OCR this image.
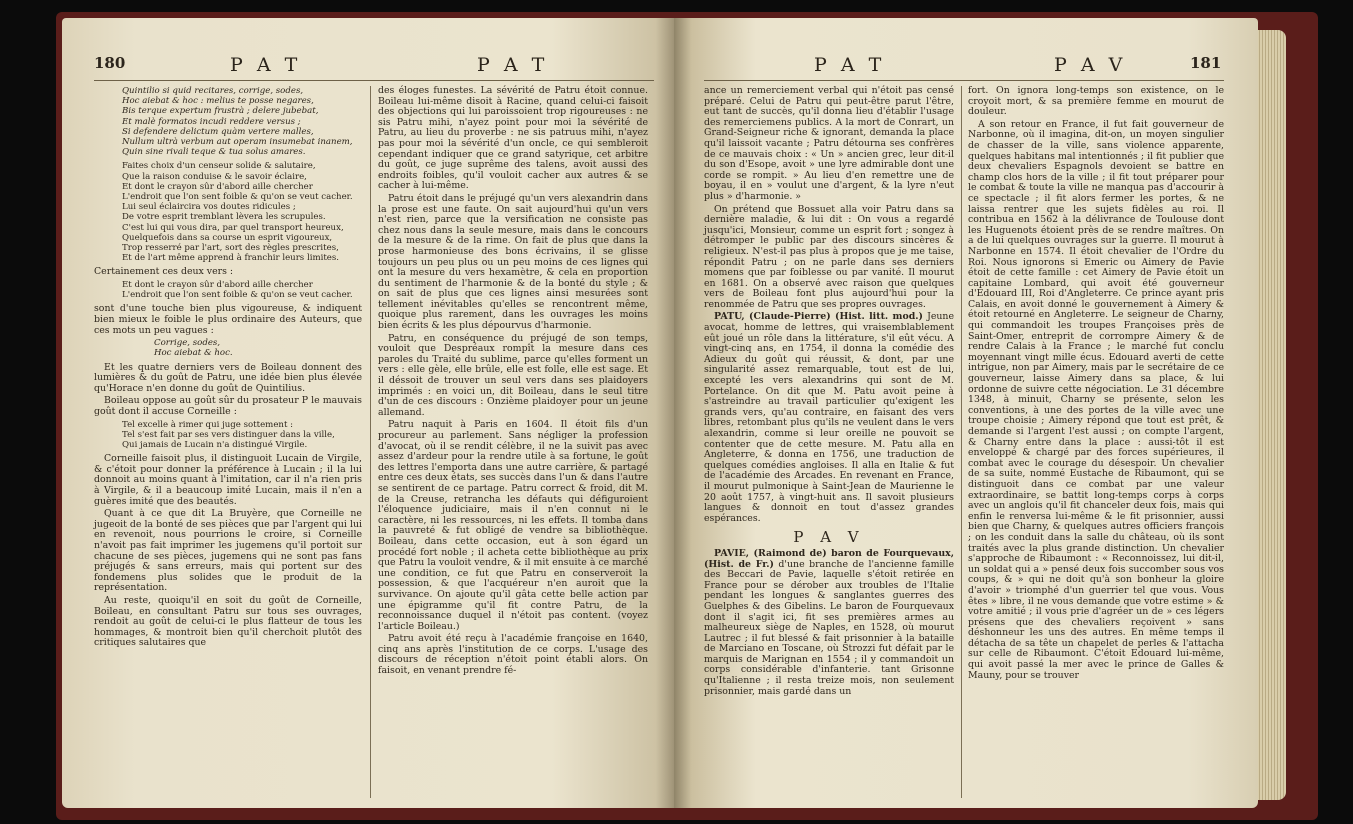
180	P A T	P A T
Quintilio si quid recitares, corrige, sodes,
Hoc aiebat & hoc : melius te posse negares,
Bis terque expertum frustrà ; delere jubebat,
Et malè formatos incudi reddere versus ;
Si defendere delictum quàm vertere malles,
Nullum ultrà verbum aut operam insumebat inanem,
Quin sine rivali teque & tua solus amares.
Faites choix d'un censeur solide & salutaire,
Que la raison conduise & le savoir éclaire,
Et dont le crayon sûr d'abord aille chercher
L'endroit que l'on sent foible & qu'on se veut cacher.
Lui seul éclaircira vos doutes ridicules ;
De votre esprit tremblant lèvera les scrupules.
C'est lui qui vous dira, par quel transport heureux,
Quelquefois dans sa course un esprit vigoureux,
Trop resserré par l'art, sort des règles prescrites,
Et de l'art même apprend à franchir leurs limites.

Certainement ces deux vers :

Et dont le crayon sûr d'abord aille chercher
L'endroit que l'on sent foible & qu'on se veut cacher.

sont d'une touche bien plus vigoureuse, & indiquent bien mieux le foible le plus ordinaire des Auteurs, que ces mots un peu vagues :

Corrige, sodes,
Hoc aiebat & hoc.

Et les quatre derniers vers de Boileau donnent des lumières & du goût de Patru, une idée bien plus élevée qu'Horace n'en donne du goût de Quintilius.

Boileau oppose au goût sûr du prosateur P le mauvais goût dont il accuse Corneille :

Tel excelle à rimer qui juge sottement :
Tel s'est fait par ses vers distinguer dans la ville,
Qui jamais de Lucain n'a distingué Virgile.

Corneille faisoit plus, il distinguoit Lucain de Virgile, & c'étoit pour donner la préférence à Lucain ; il la lui donnoit au moins quant à l'imitation, car il n'a rien pris à Virgile, & il a beaucoup imité Lucain, mais il n'en a guères imité que des beautés.

Quant à ce que dit La Bruyère, que Corneille ne jugeoit de la bonté de ses pièces que par l'argent qui lui en revenoit, nous pourrions le croire, si Corneille n'avoit pas fait imprimer les jugemens qu'il portoit sur chacune de ses pièces, jugemens qui ne sont pas fans préjugés & sans erreurs, mais qui portent sur des fondemens plus solides que le produit de la représentation.

Au reste, quoiqu'il en soit du goût de Corneille, Boileau, en consultant Patru sur tous ses ouvrages, rendoit au goût de celui-ci le plus flatteur de tous les hommages, & montroit bien qu'il cherchoit plutôt des critiques salutaires que

des éloges funestes. La sévérité de Patru étoit connue. Boileau lui-même disoit à Racine, quand celui-ci faisoit des objections qui lui paroissoient trop rigoureuses : ne sis Patru mihi, n'ayez point pour moi la sévérité de Patru, au lieu du proverbe : ne sis patruus mihi, n'ayez pas pour moi la sévérité d'un oncle, ce qui sembleroit cependant indiquer que ce grand satyrique, cet arbitre du goût, ce juge suprême des talens, avoit aussi des endroits foibles, qu'il vouloit cacher aux autres & se cacher à lui-même.

Patru étoit dans le préjugé qu'un vers alexandrin dans la prose est une faute. On sait aujourd'hui qu'un vers n'est rien, parce que la versification ne consiste pas chez nous dans la seule mesure, mais dans le concours de la mesure & de la rime. On fait de plus que dans la prose harmonieuse des bons écrivains, il se glisse toujours un peu plus ou un peu moins de ces lignes qui ont la mesure du vers hexamètre, & cela en proportion du sentiment de l'harmonie & de la bonté du style ; & on sait de plus que ces lignes ainsi mesurées sont tellement inévitables qu'elles se rencontrent même, quoique plus rarement, dans les ouvrages les moins bien écrits & les plus dépourvus d'harmonie.

Patru, en conséquence du préjugé de son temps, vouloit que Despréaux rompît la mesure dans ces paroles du Traité du sublime, parce qu'elles forment un vers : elle gèle, elle brûle, elle est folle, elle est sage. Et il déssoit de trouver un seul vers dans ses plaidoyers imprimés : en voici un, dit Boileau, dans le seul titre d'un de ces discours : Onzième plaidoyer pour un jeune allemand.

Patru naquit à Paris en 1604. Il étoit fils d'un procureur au parlement. Sans négliger la profession d'avocat, où il se rendit célèbre, il ne la suivit pas avec assez d'ardeur pour la rendre utile à sa fortune, le goût des lettres l'emporta dans une autre carrière, & partagé entre ces deux états, ses succès dans l'un & dans l'autre se sentirent de ce partage. Patru correct & froid, dit M. de la Creuse, retrancha les défauts qui défiguroient l'éloquence judiciaire, mais il n'en connut ni le caractère, ni les ressources, ni les effets. Il tomba dans la pauvreté & fut obligé de vendre sa bibliothèque. Boileau, dans cette occasion, eut à son égard un procédé fort noble ; il acheta cette bibliothèque au prix que Patru la vouloit vendre, & il mit ensuite à ce marché une condition, ce fut que Patru en conserveroit la possession, & que l'acquéreur n'en auroit que la survivance. On ajoute qu'il gâta cette belle action par une épigramme qu'il fit contre Patru, de la reconnoissance duquel il n'étoit pas content. (voyez l'article Boileau.)

Patru avoit été reçu à l'académie françoise en 1640, cinq ans après l'institution de ce corps. L'usage des discours de réception n'étoit point établi alors. On faisoit, en venant prendre fé-

P A T	P A V	181

ance un remerciement verbal qui n'étoit pas censé préparé. Celui de Patru qui peut-être parut l'être, eut tant de succès, qu'il donna lieu d'établir l'usage des remerciemens publics. A la mort de Conrart, un Grand-Seigneur riche & ignorant, demanda la place qu'il laissoit vacante ; Patru détourna ses confrères de ce mauvais choix : « Un » ancien grec, leur dit-il du son d'Esope, avoit » une lyre admirable dont une corde se rompit. » Au lieu d'en remettre une de boyau, il en » voulut une d'argent, & la lyre n'eut plus » d'harmonie. »

On prétend que Bossuet alla voir Patru dans sa dernière maladie, & lui dit : On vous a regardé jusqu'ici, Monsieur, comme un esprit fort ; songez à détromper le public par des discours sincères & religieux. N'est-il pas plus à propos que je me taise, répondit Patru ; on ne parle dans ses derniers momens que par foiblesse ou par vanité. Il mourut en 1681. On a observé avec raison que quelques vers de Boileau font plus aujourd'hui pour la renommée de Patru que ses propres ouvrages.

PATU, (Claude-Pierre) (Hist. litt. mod.) Jeune avocat, homme de lettres, qui vraisemblablement eût joué un rôle dans la littérature, s'il eût vécu. A vingt-cinq ans, en 1754, il donna la comédie des Adieux du goût qui réussit, & dont, par une singularité assez remarquable, tout est de lui, excepté les vers alexandrins qui sont de M. Portelance. On dit que M. Patu avoit peine à s'astreindre au travail particulier qu'exigent les grands vers, qu'au contraire, en faisant des vers libres, retombant plus qu'ils ne veulent dans le vers alexandrin, comme si leur oreille ne pouvoit se contenter que de cette mesure. M. Patu alla en Angleterre, & donna en 1756, une traduction de quelques comédies angloises. Il alla en Italie & fut de l'académie des Arcades. En revenant en France, il mourut pulmonique à Saint-Jean de Maurienne le 20 août 1757, à vingt-huit ans. Il savoit plusieurs langues & donnoit en tout d'assez grandes espérances.

P A V

PAVIE, (Raimond de) baron de Fourquevaux, (Hist. de Fr.) d'une branche de l'ancienne famille des Beccari de Pavie, laquelle s'étoit retirée en France pour se dérober aux troubles de l'Italie pendant les longues & sanglantes guerres des Guelphes & des Gibelins. Le baron de Fourquevaux dont il s'agit ici, fit ses premières armes au malheureux siège de Naples, en 1528, où mourut Lautrec ; il fut blessé & fait prisonnier à la bataille de Marciano en Toscane, où Strozzi fut défait par le marquis de Marignan en 1554 ; il y commandoit un corps considérable d'infanterie. tant Grisonne qu'Italienne ; il resta treize mois, non seulement prisonnier, mais gardé dans un

fort. On ignora long-temps son existence, on le croyoit mort, & sa première femme en mourut de douleur.

A son retour en France, il fut fait gouverneur de Narbonne, où il imagina, dit-on, un moyen singulier de chasser de la ville, sans violence apparente, quelques habitans mal intentionnés ; il fit publier que deux chevaliers Espagnols devoient se battre en champ clos hors de la ville ; il fit tout préparer pour le combat & toute la ville ne manqua pas d'accourir à ce spectacle ; il fit alors fermer les portes, & ne laissa rentrer que les sujets fidèles au roi. Il contribua en 1562 à la délivrance de Toulouse dont les Huguenots étoient près de se rendre maîtres. On a de lui quelques ouvrages sur la guerre. Il mourut à Narbonne en 1574. Il étoit chevalier de l'Ordre du Roi. Nous ignorons si Emeric ou Aimery de Pavie étoit de cette famille : cet Aimery de Pavie étoit un capitaine Lombard, qui avoit été gouverneur d'Edouard III, Roi d'Angleterre. Ce prince ayant pris Calais, en avoit donné le gouvernement à Aimery & étoit retourné en Angleterre. Le seigneur de Charny, qui commandoit les troupes Françoises près de Saint-Omer, entreprit de corrompre Aimery & de rendre Calais à la France ; le marché fut conclu moyennant vingt mille écus. Edouard averti de cette intrigue, non par Aimery, mais par le secrétaire de ce gouverneur, laisse Aimery dans sa place, & lui ordonne de suivre cette négociation. Le 31 décembre 1348, à minuit, Charny se présente, selon les conventions, à une des portes de la ville avec une troupe choisie ; Aimery répond que tout est prêt, & demande si l'argent l'est aussi ; on compte l'argent, & Charny entre dans la place : aussi-tôt il est enveloppé & chargé par des forces supérieures, il combat avec le courage du désespoir. Un chevalier de sa suite, nommé Eustache de Ribaumont, qui se distinguoit dans ce combat par une valeur extraordinaire, se battit long-temps corps à corps avec un anglois qu'il fit chanceler deux fois, mais qui enfin le renversa lui-même & le fit prisonnier, aussi bien que Charny, & quelques autres officiers françois ; on les conduit dans la salle du château, où ils sont traités avec la plus grande distinction. Un chevalier s'approche de Ribaumont : « Reconnoissez, lui dit-il, un soldat qui a » pensé deux fois succomber sous vos coups, & » qui ne doit qu'à son bonheur la gloire d'avoir » triomphé d'un guerrier tel que vous. Vous êtes » libre, il ne vous demande que votre estime » & votre amitié ; il vous prie d'agréer un de » ces légers présens que des chevaliers reçoivent » sans déshonneur les uns des autres. En même temps il détacha de sa tête un chapelet de perles & l'attacha sur celle de Ribaumont. C'étoit Edouard lui-même, qui avoit passé la mer avec le prince de Galles & Mauny, pour se trouver
